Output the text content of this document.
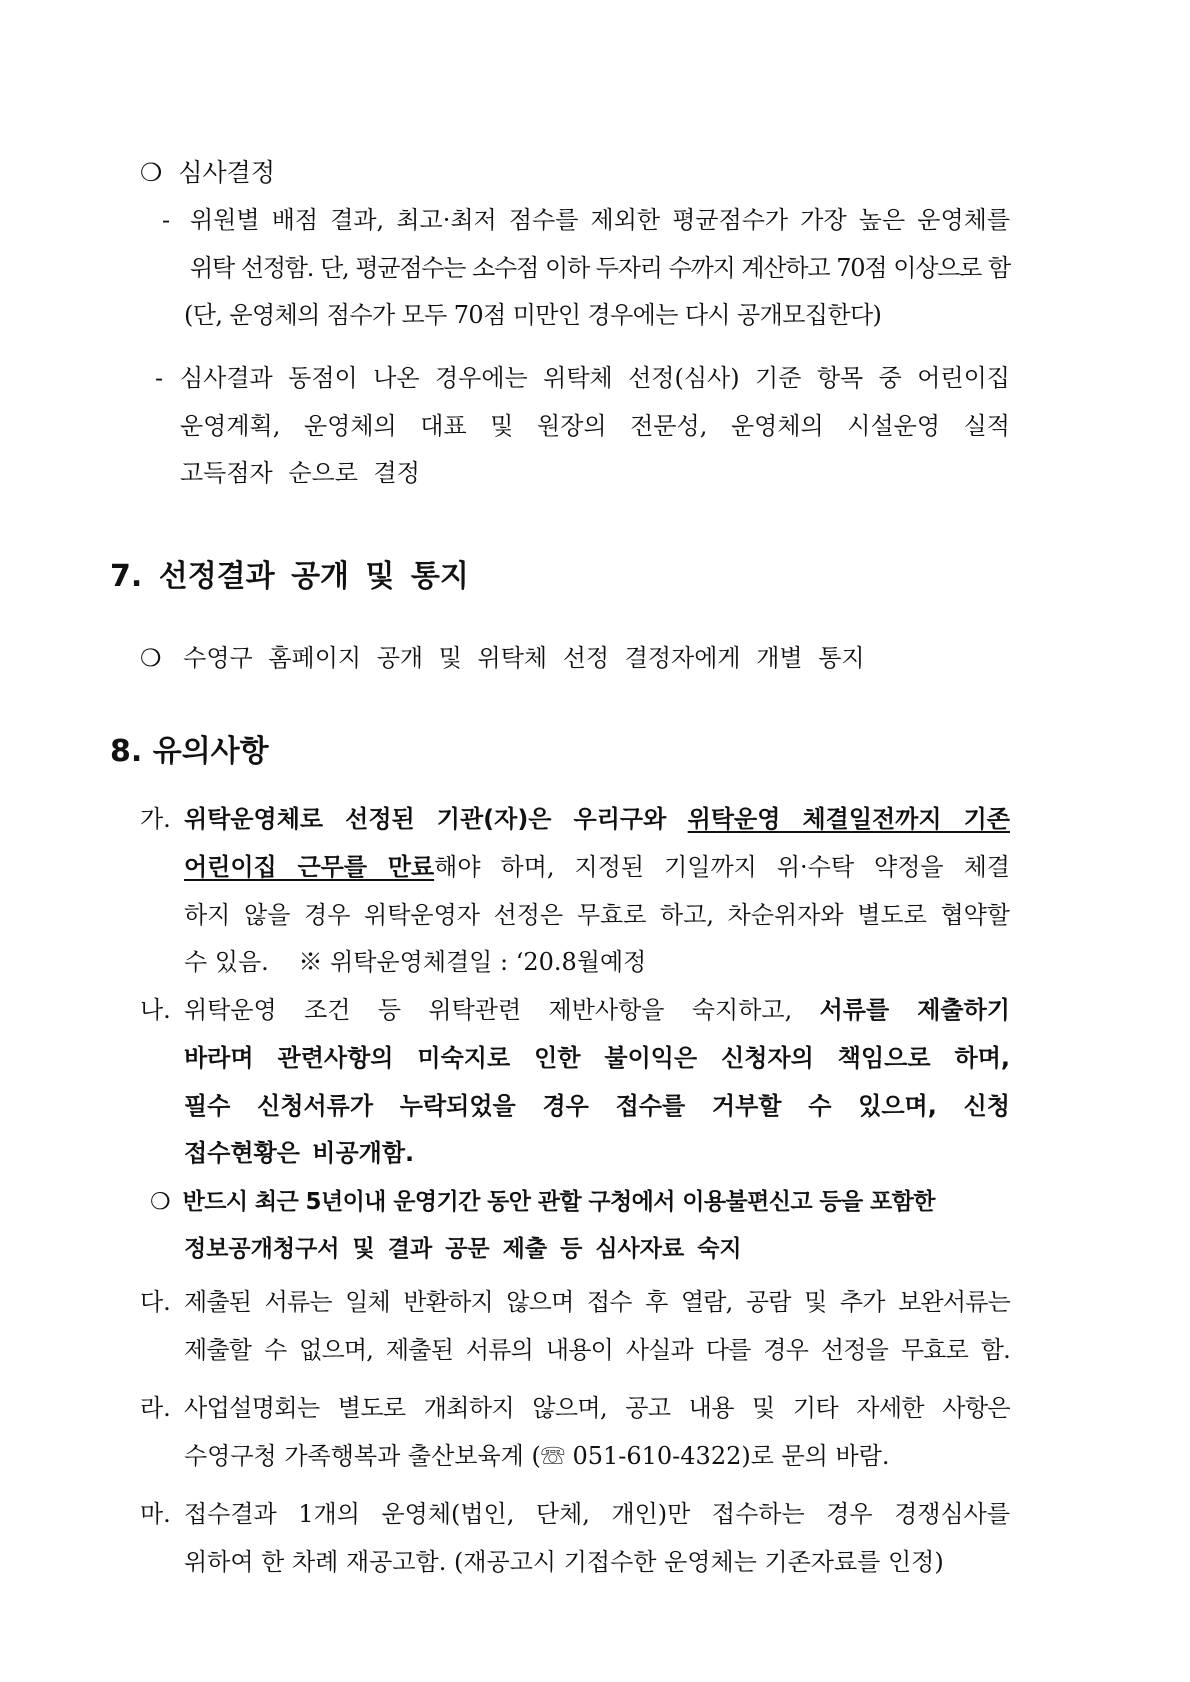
❍ 심사결정
- 위원별 배점 결과, 최고·최저 점수를 제외한 평균점수가 가장 높은 운영체를
위탁 선정함. 단, 평균점수는 소수점 이하 두자리 수까지 계산하고 70점 이상으로 함
(단, 운영체의 점수가 모두 70점 미만인 경우에는 다시 공개모집한다)
- 심사결과 동점이 나온 경우에는 위탁체 선정(심사) 기준 항목 중 어린이집
운영계획, 운영체의 대표 및 원장의 전문성, 운영체의 시설운영 실적
고득점자 순으로 결정
7. 선정결과 공개 및 통지
❍ 수영구 홈페이지 공개 및 위탁체 선정 결정자에게 개별 통지
8. 유의사항
가. 위탁운영체로 선정된 기관(자)은 우리구와 위탁운영 체결일전까지 기존
어린이집 근무를 만료해야 하며, 지정된 기일까지 위·수탁 약정을 체결
하지 않을 경우 위탁운영자 선정은 무효로 하고, 차순위자와 별도로 협약할
수 있음. ※ 위탁운영체결일 : ‘20.8월예정
나. 위탁운영 조건 등 위탁관련 제반사항을 숙지하고, 서류를 제출하기
바라며 관련사항의 미숙지로 인한 불이익은 신청자의 책임으로 하며,
필수 신청서류가 누락되었을 경우 접수를 거부할 수 있으며, 신청
접수현황은 비공개함.
❍ 반드시 최근 5년이내 운영기간 동안 관할 구청에서 이용불편신고 등을 포함한
정보공개청구서 및 결과 공문 제출 등 심사자료 숙지
다. 제출된 서류는 일체 반환하지 않으며 접수 후 열람, 공람 및 추가 보완서류는
제출할 수 없으며, 제출된 서류의 내용이 사실과 다를 경우 선정을 무효로 함.
라. 사업설명회는 별도로 개최하지 않으며, 공고 내용 및 기타 자세한 사항은
수영구청 가족행복과 출산보육계 (☏ 051-610-4322)로 문의 바람.
마. 접수결과 1개의 운영체(법인, 단체, 개인)만 접수하는 경우 경쟁심사를
위하여 한 차례 재공고함. (재공고시 기접수한 운영체는 기존자료를 인정)
